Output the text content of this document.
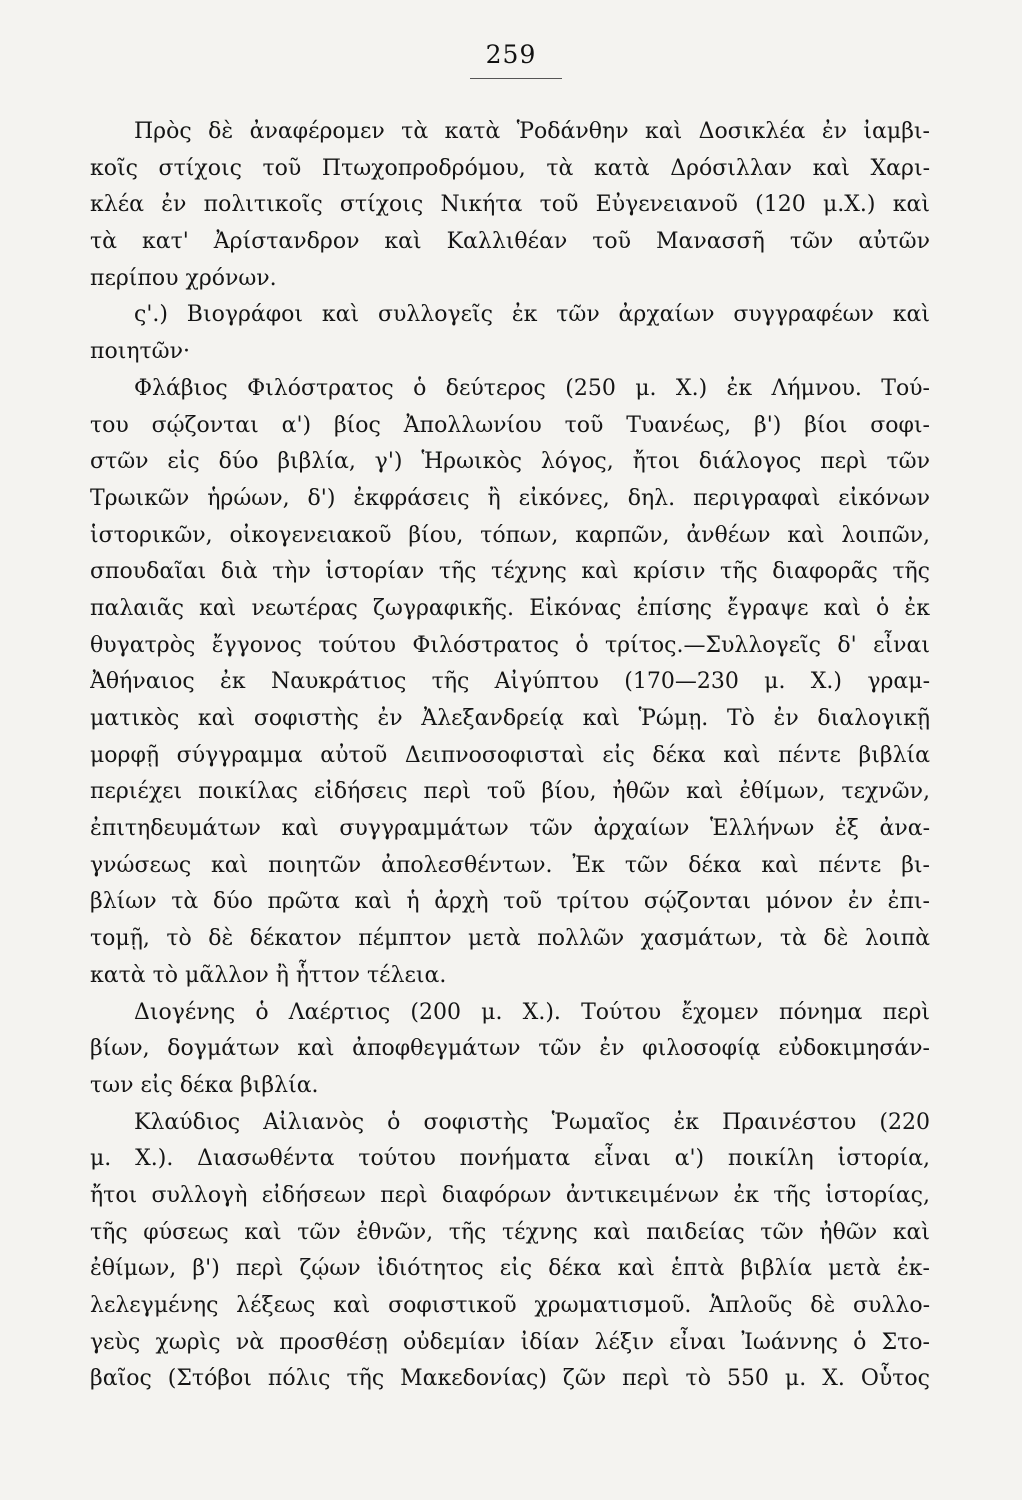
259
Πρὸς δὲ ἀναφέρομεν τὰ κατὰ Ῥοδάνθην καὶ Δοσικλέα ἐν ἰαμβι-
κοῖς στίχοις τοῦ Πτωχοπροδρόμου, τὰ κατὰ Δρόσιλλαν καὶ Χαρι-
κλέα ἐν πολιτικοῖς στίχοις Νικήτα τοῦ Εὐγενειανοῦ (120 μ.Χ.) καὶ
τὰ κατ' Ἀρίστανδρον καὶ Καλλιθέαν τοῦ Μανασσῆ τῶν αὐτῶν
περίπου χρόνων.
ς'.) Βιογράφοι καὶ συλλογεῖς ἐκ τῶν ἀρχαίων συγγραφέων καὶ
ποιητῶν·
Φλάβιος Φιλόστρατος ὁ δεύτερος (250 μ. Χ.) ἐκ Λήμνου. Τού-
του σῴζονται α') βίος Ἀπολλωνίου τοῦ Τυανέως, β') βίοι σοφι-
στῶν εἰς δύο βιβλία, γ') Ἡρωικὸς λόγος, ἤτοι διάλογος περὶ τῶν
Τρωικῶν ἡρώων, δ') ἐκφράσεις ἢ εἰκόνες, δηλ. περιγραφαὶ εἰκόνων
ἱστορικῶν, οἰκογενειακοῦ βίου, τόπων, καρπῶν, ἀνθέων καὶ λοιπῶν,
σπουδαῖαι διὰ τὴν ἱστορίαν τῆς τέχνης καὶ κρίσιν τῆς διαφορᾶς τῆς
παλαιᾶς καὶ νεωτέρας ζωγραφικῆς. Εἰκόνας ἐπίσης ἔγραψε καὶ ὁ ἐκ
θυγατρὸς ἔγγονος τούτου Φιλόστρατος ὁ τρίτος.—Συλλογεῖς δ' εἶναι
Ἀθήναιος ἐκ Ναυκράτιος τῆς Αἰγύπτου (170—230 μ. Χ.) γραμ-
ματικὸς καὶ σοφιστὴς ἐν Ἀλεξανδρείᾳ καὶ Ῥώμῃ. Τὸ ἐν διαλογικῇ
μορφῇ σύγγραμμα αὐτοῦ Δειπνοσοφισταὶ εἰς δέκα καὶ πέντε βιβλία
περιέχει ποικίλας εἰδήσεις περὶ τοῦ βίου, ἠθῶν καὶ ἐθίμων, τεχνῶν,
ἐπιτηδευμάτων καὶ συγγραμμάτων τῶν ἀρχαίων Ἑλλήνων ἐξ ἀνα-
γνώσεως καὶ ποιητῶν ἀπολεσθέντων. Ἐκ τῶν δέκα καὶ πέντε βι-
βλίων τὰ δύο πρῶτα καὶ ἡ ἀρχὴ τοῦ τρίτου σῴζονται μόνον ἐν ἐπι-
τομῇ, τὸ δὲ δέκατον πέμπτον μετὰ πολλῶν χασμάτων, τὰ δὲ λοιπὰ
κατὰ τὸ μᾶλλον ἢ ἧττον τέλεια.
Διογένης ὁ Λαέρτιος (200 μ. Χ.). Τούτου ἔχομεν πόνημα περὶ
βίων, δογμάτων καὶ ἀποφθεγμάτων τῶν ἐν φιλοσοφίᾳ εὐδοκιμησάν-
των εἰς δέκα βιβλία.
Κλαύδιος Αἰλιανὸς ὁ σοφιστὴς Ῥωμαῖος ἐκ Πραινέστου (220
μ. Χ.). Διασωθέντα τούτου πονήματα εἶναι α') ποικίλη ἱστορία,
ἤτοι συλλογὴ εἰδήσεων περὶ διαφόρων ἀντικειμένων ἐκ τῆς ἱστορίας,
τῆς φύσεως καὶ τῶν ἐθνῶν, τῆς τέχνης καὶ παιδείας τῶν ἠθῶν καὶ
ἐθίμων, β') περὶ ζῴων ἰδιότητος εἰς δέκα καὶ ἑπτὰ βιβλία μετὰ ἐκ-
λελεγμένης λέξεως καὶ σοφιστικοῦ χρωματισμοῦ. Ἁπλοῦς δὲ συλλο-
γεὺς χωρὶς νὰ προσθέσῃ οὐδεμίαν ἰδίαν λέξιν εἶναι Ἰωάννης ὁ Στο-
βαῖος (Στόβοι πόλις τῆς Μακεδονίας) ζῶν περὶ τὸ 550 μ. Χ. Οὗτος
